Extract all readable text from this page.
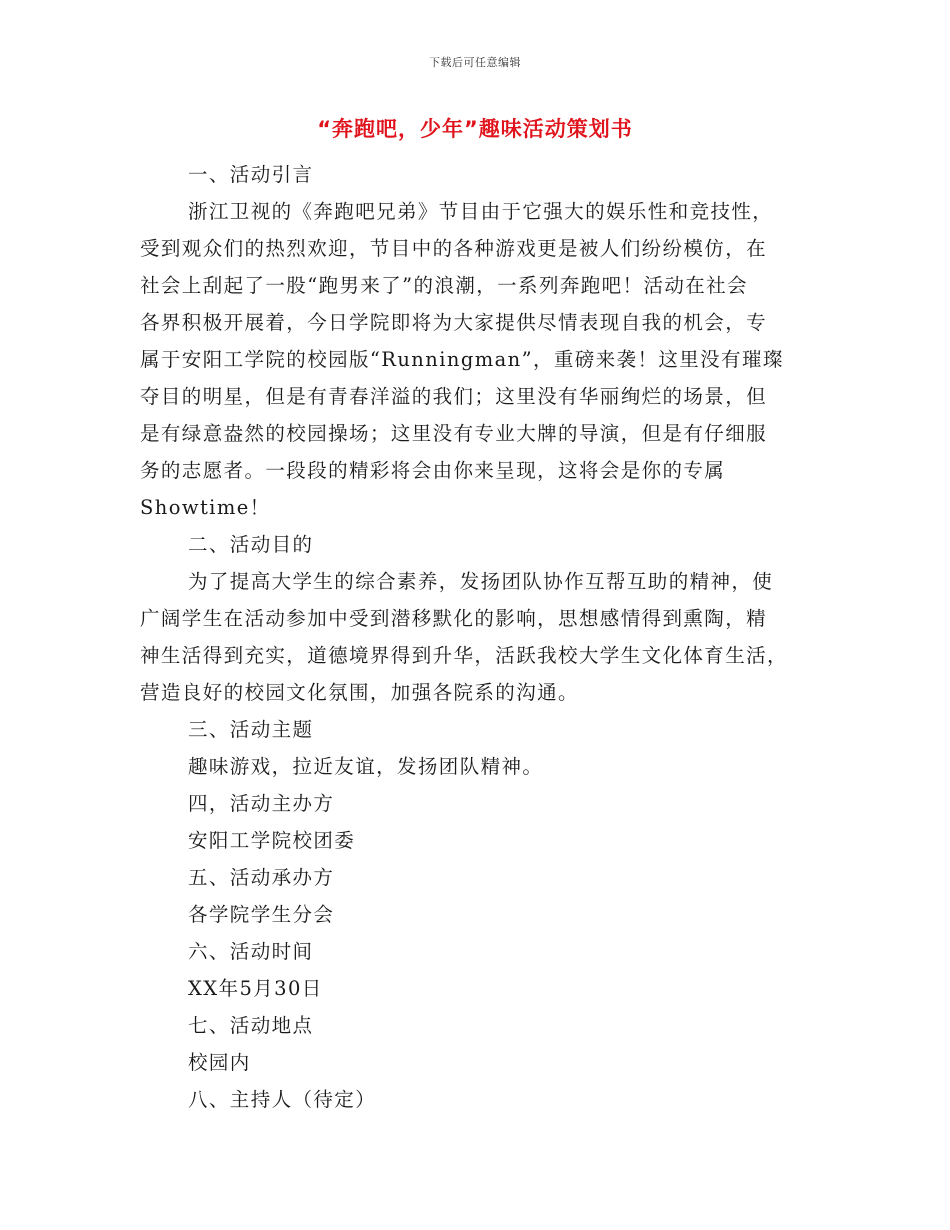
下载后可任意编辑
“奔跑吧，少年”趣味活动策划书
一、活动引言
浙江卫视的《奔跑吧兄弟》节目由于它强大的娱乐性和竞技性，
受到观众们的热烈欢迎，节目中的各种游戏更是被人们纷纷模仿，在
社会上刮起了一股“跑男来了”的浪潮，一系列奔跑吧！活动在社会
各界积极开展着，今日学院即将为大家提供尽情表现自我的机会，专
属于安阳工学院的校园版“Runningman”，重磅来袭！这里没有璀璨
夺目的明星，但是有青春洋溢的我们；这里没有华丽绚烂的场景，但
是有绿意盎然的校园操场；这里没有专业大牌的导演，但是有仔细服
务的志愿者。一段段的精彩将会由你来呈现，这将会是你的专属
Showtime！
二、活动目的
为了提高大学生的综合素养，发扬团队协作互帮互助的精神，使
广阔学生在活动参加中受到潜移默化的影响，思想感情得到熏陶，精
神生活得到充实，道德境界得到升华，活跃我校大学生文化体育生活，
营造良好的校园文化氛围，加强各院系的沟通。
三、活动主题
趣味游戏，拉近友谊，发扬团队精神。
四，活动主办方
安阳工学院校团委
五、活动承办方
各学院学生分会
六、活动时间
XX年5月30日
七、活动地点
校园内
八、主持人（待定）
